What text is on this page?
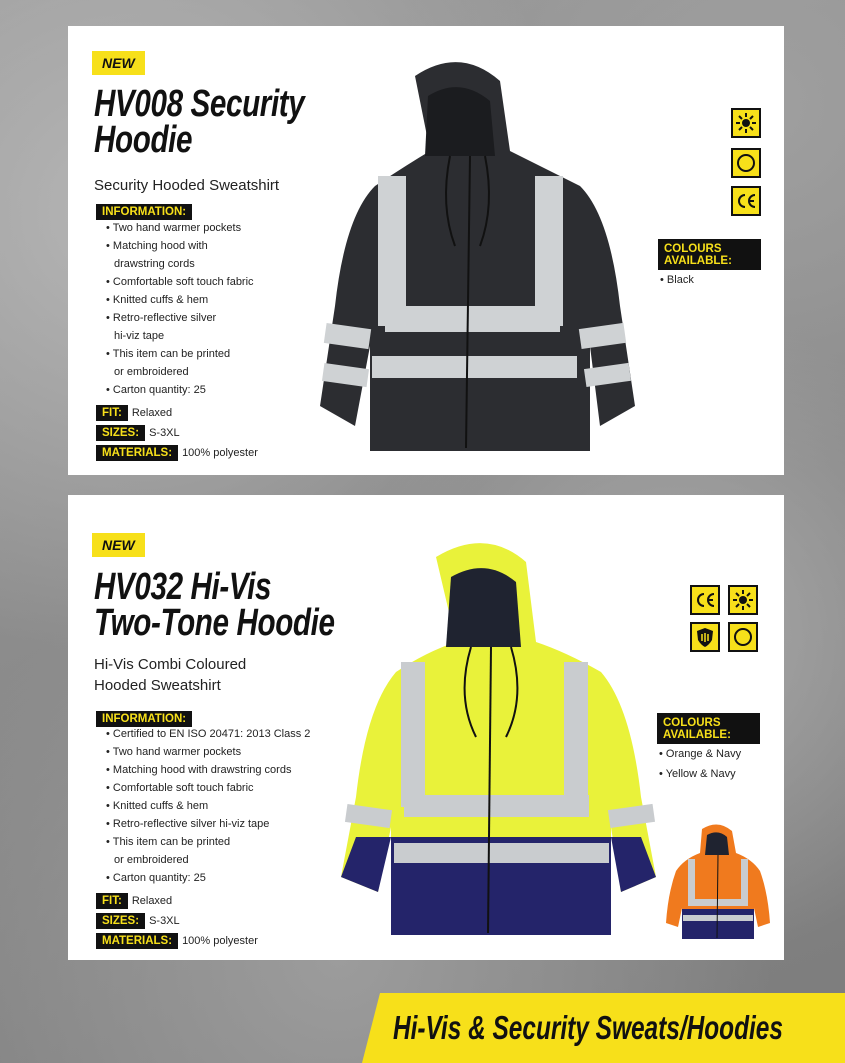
NEW
HV008 Security
Hoodie
Security Hooded Sweatshirt
INFORMATION:
• Two hand warmer pockets
• Matching hood with
drawstring cords
• Comfortable soft touch fabric
• Knitted cuffs & hem
• Retro-reflective silver
hi-viz tape
• This item can be printed
or embroidered
• Carton quantity: 25
FIT: Relaxed
SIZES: S-3XL
MATERIALS: 100% polyester
COLOURS
AVAILABLE:
• Black
NEW
HV032 Hi-Vis
Two-Tone Hoodie
Hi-Vis Combi Coloured
Hooded Sweatshirt
INFORMATION:
• Certified to EN ISO 20471: 2013 Class 2
• Two hand warmer pockets
• Matching hood with drawstring cords
• Comfortable soft touch fabric
• Knitted cuffs & hem
• Retro-reflective silver hi-viz tape
• This item can be printed
or embroidered
• Carton quantity: 25
FIT: Relaxed
SIZES: S-3XL
MATERIALS: 100% polyester
COLOURS
AVAILABLE:
• Orange & Navy
• Yellow & Navy
Hi-Vis & Security Sweats/Hoodies
